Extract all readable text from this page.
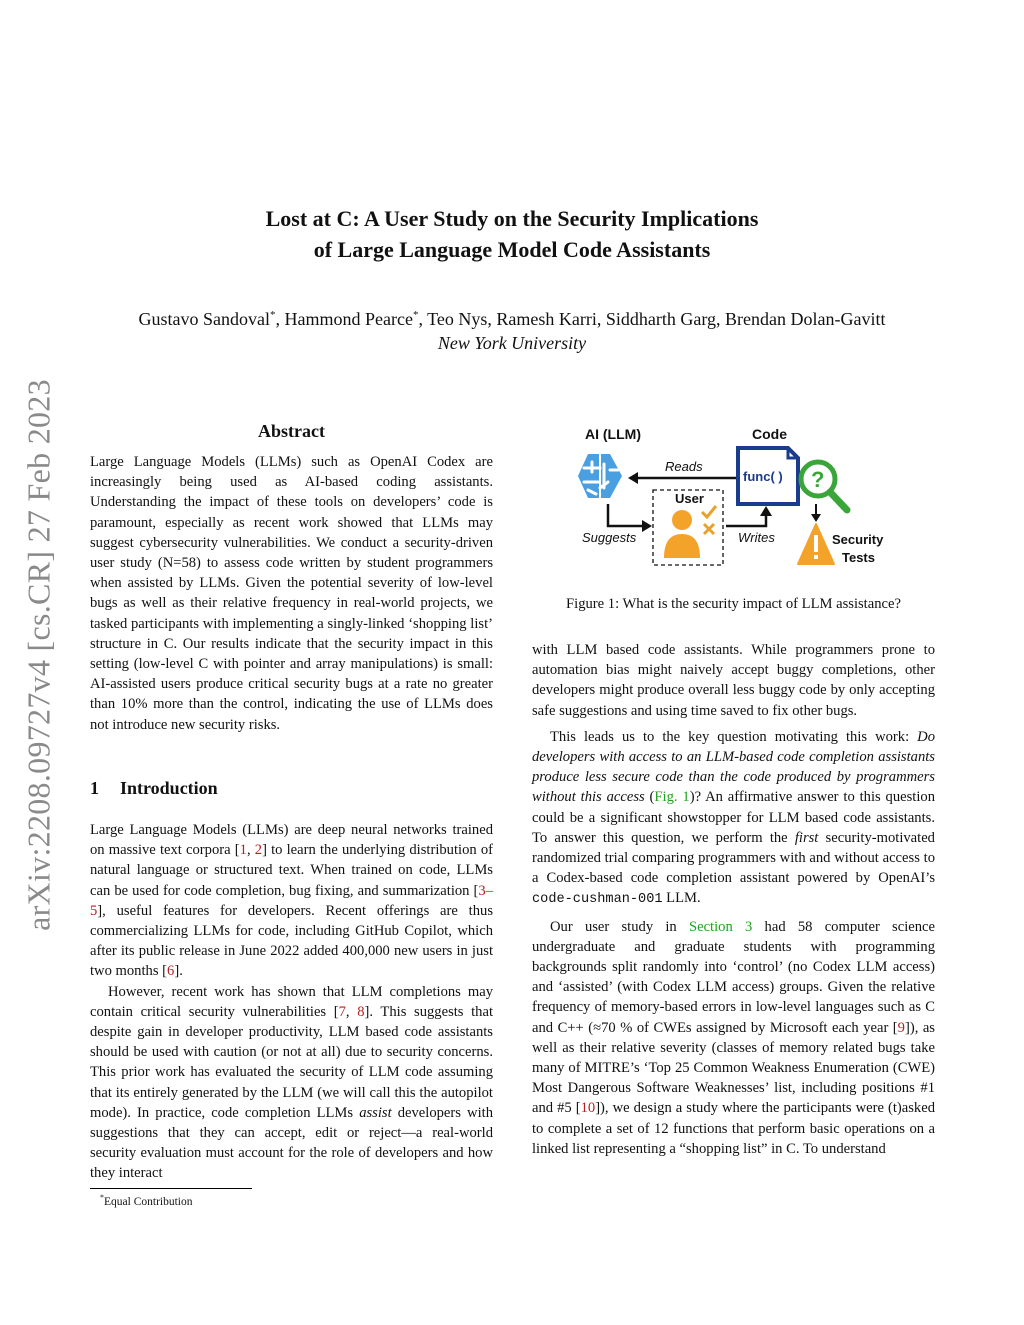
Lost at C: A User Study on the Security Implications
of Large Language Model Code Assistants
Gustavo Sandoval*, Hammond Pearce*, Teo Nys, Ramesh Karri, Siddharth Garg, Brendan Dolan-Gavitt
New York University
arXiv:2208.09727v4 [cs.CR] 27 Feb 2023	Abstract

Large Language Models (LLMs) such as OpenAI Codex are increasingly being used as AI-based coding assistants. Understanding the impact of these tools on developers’ code is paramount, especially as recent work showed that LLMs may suggest cybersecurity vulnerabilities. We conduct a security-driven user study (N=58) to assess code written by student programmers when assisted by LLMs. Given the potential severity of low-level bugs as well as their relative frequency in real-world projects, we tasked participants with implementing a singly-linked ‘shopping list’ structure in C. Our results indicate that the security impact in this setting (low-level C with pointer and array manipulations) is small: AI-assisted users produce critical security bugs at a rate no greater than 10% more than the control, indicating the use of LLMs does not introduce new security risks.

1 Introduction

Large Language Models (LLMs) are deep neural networks trained on massive text corpora [1, 2] to learn the underlying distribution of natural language or structured text. When trained on code, LLMs can be used for code completion, bug fixing, and summarization [3–5], useful features for developers. Recent offerings are thus commercializing LLMs for code, including GitHub Copilot, which after its public release in June 2022 added 400,000 new users in just two months [6].

However, recent work has shown that LLM completions may contain critical security vulnerabilities [7, 8]. This suggests that despite gain in developer productivity, LLM based code assistants should be used with caution (or not at all) due to security concerns. This prior work has evaluated the security of LLM code assuming that its entirely generated by the LLM (we will call this the autopilot mode). In practice, code completion LLMs assist developers with suggestions that they can accept, edit or reject—a real-world security evaluation must account for the role of developers and how they interact

*Equal Contribution
AI (LLM)	Code
func( )
Reads
User
Suggests	Writes
?
Security
Tests
Figure 1: What is the security impact of LLM assistance?

with LLM based code assistants. While programmers prone to automation bias might naively accept buggy completions, other developers might produce overall less buggy code by only accepting safe suggestions and using time saved to fix other bugs.

This leads us to the key question motivating this work: Do developers with access to an LLM-based code completion assistants produce less secure code than the code produced by programmers without this access (Fig. 1)? An affirmative answer to this question could be a significant showstopper for LLM based code assistants. To answer this question, we perform the first security-motivated randomized trial comparing programmers with and without access to a Codex-based code completion assistant powered by OpenAI’s code-cushman-001 LLM.

Our user study in Section 3 had 58 computer science undergraduate and graduate students with programming backgrounds split randomly into ‘control’ (no Codex LLM access) and ‘assisted’ (with Codex LLM access) groups. Given the relative frequency of memory-based errors in low-level languages such as C and C++ (≈70 % of CWEs assigned by Microsoft each year [9]), as well as their relative severity (classes of memory related bugs take many of MITRE’s ‘Top 25 Common Weakness Enumeration (CWE) Most Dangerous Software Weaknesses’ list, including positions #1 and #5 [10]), we design a study where the participants were (t)asked to complete a set of 12 functions that perform basic operations on a linked list representing a “shopping list” in C. To understand
